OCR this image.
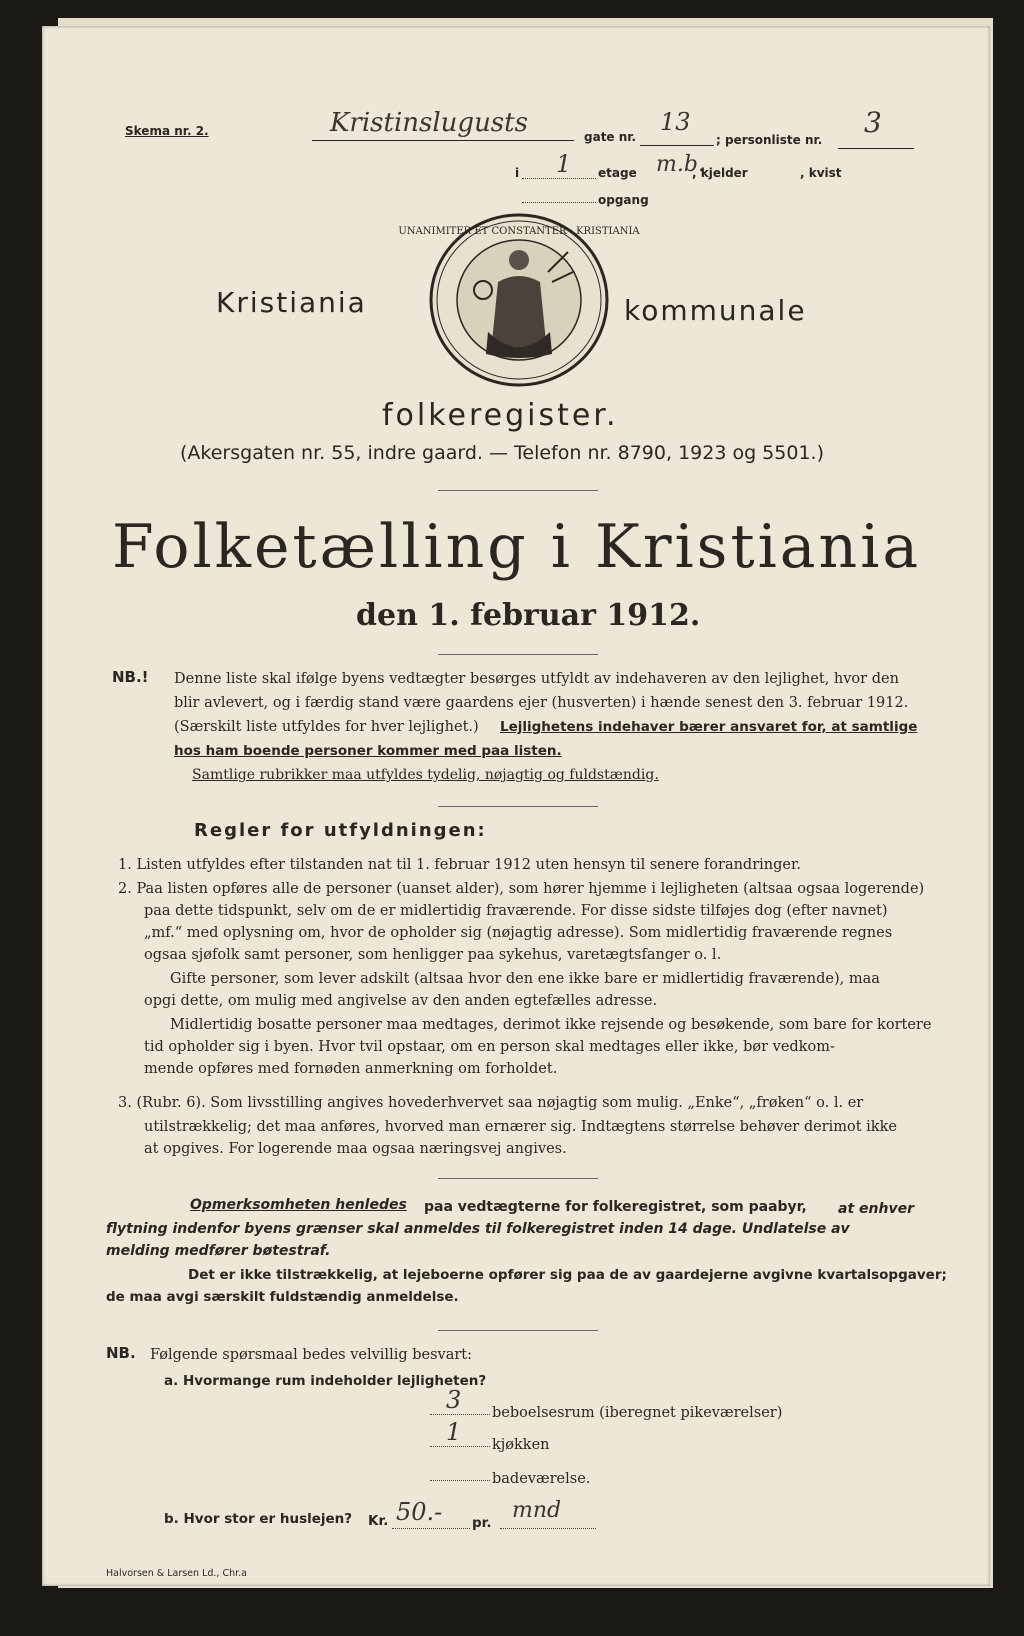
Skema nr. 2.	Kristinslugusts	gate nr.
13
; personliste nr.
3
i 1 etage m.b.
, kjelder	, kvist
opgang
UNANIMITER ET CONSTANTER · KRISTIANIA
Kristiania	kommunale
folkeregister.
(Akersgaten nr. 55, indre gaard. — Telefon nr. 8790, 1923 og 5501.)
Folketælling i Kristiania
den 1. februar 1912.
NB.! Denne liste skal ifølge byens vedtægter besørges utfyldt av indehaveren av den lejlighet, hvor den
blir avlevert, og i færdig stand være gaardens ejer (husverten) i hænde senest den 3. februar 1912.
(Særskilt liste utfyldes for hver lejlighet.) Lejlighetens indehaver bærer ansvaret for, at samtlige
hos ham boende personer kommer med paa listen.
Samtlige rubrikker maa utfyldes tydelig, nøjagtig og fuldstændig.
Regler for utfyldningen:
1. Listen utfyldes efter tilstanden nat til 1. februar 1912 uten hensyn til senere forandringer.
2. Paa listen opføres alle de personer (uanset alder), som hører hjemme i lejligheten (altsaa ogsaa logerende)
paa dette tidspunkt, selv om de er midlertidig fraværende. For disse sidste tilføjes dog (efter navnet)
„mf.“ med oplysning om, hvor de opholder sig (nøjagtig adresse). Som midlertidig fraværende regnes
ogsaa sjøfolk samt personer, som henligger paa sykehus, varetægtsfanger o. l.
Gifte personer, som lever adskilt (altsaa hvor den ene ikke bare er midlertidig fraværende), maa
opgi dette, om mulig med angivelse av den anden egtefælles adresse.
Midlertidig bosatte personer maa medtages, derimot ikke rejsende og besøkende, som bare for kortere
tid opholder sig i byen. Hvor tvil opstaar, om en person skal medtages eller ikke, bør vedkom-
mende opføres med fornøden anmerkning om forholdet.
3. (Rubr. 6). Som livsstilling angives hovederhvervet saa nøjagtig som mulig. „Enke“, „frøken“ o. l. er
utilstrækkelig; det maa anføres, hvorved man ernærer sig. Indtægtens størrelse behøver derimot ikke
at opgives. For logerende maa ogsaa næringsvej angives.
Opmerksomheten henledes paa vedtægterne for folkeregistret, som paabyr, at enhver
flytning indenfor byens grænser skal anmeldes til folkeregistret inden 14 dage. Undlatelse av
melding medfører bøtestraf.
Det er ikke tilstrækkelig, at lejeboerne opfører sig paa de av gaardejerne avgivne kvartalsopgaver;
de maa avgi særskilt fuldstændig anmeldelse.
NB. Følgende spørsmaal bedes velvillig besvart:
a. Hvormange rum indeholder lejligheten?
3 beboelsesrum (iberegnet pikeværelser)
1 kjøkken
badeværelse.
b. Hvor stor er huslejen? Kr. 50.- pr. mnd
Halvorsen & Larsen Ld., Chr.a
